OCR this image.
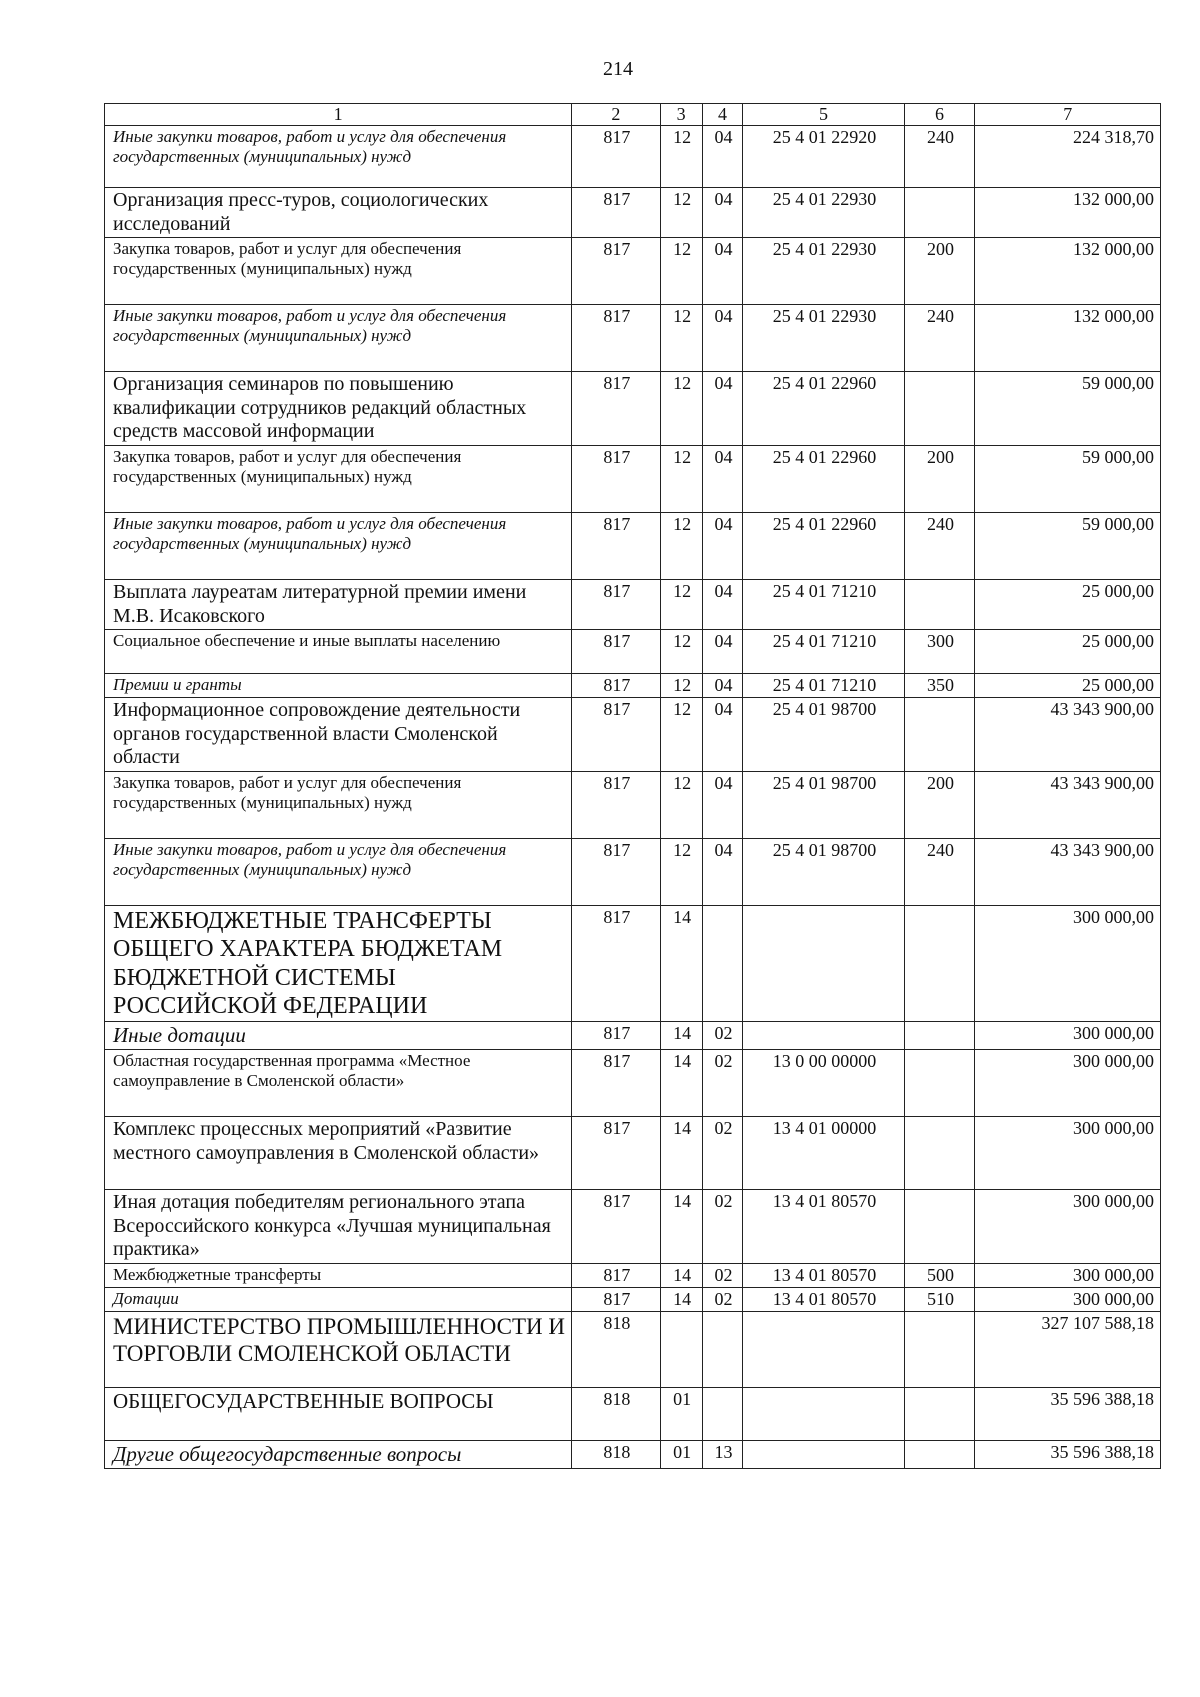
214
1	2	3	4	5	6	7
Иные закупки товаров, работ и услуг для обеспечения государственных (муниципальных) нужд	817	12	04	25 4 01 22920	240	224 318,70
Организация пресс-туров, социологических исследований	817	12	04	25 4 01 22930		132 000,00
Закупка товаров, работ и услуг для обеспечения государственных (муниципальных) нужд	817	12	04	25 4 01 22930	200	132 000,00
Иные закупки товаров, работ и услуг для обеспечения государственных (муниципальных) нужд	817	12	04	25 4 01 22930	240	132 000,00
Организация семинаров по повышению квалификации сотрудников редакций областных средств массовой информации	817	12	04	25 4 01 22960		59 000,00
Закупка товаров, работ и услуг для обеспечения государственных (муниципальных) нужд	817	12	04	25 4 01 22960	200	59 000,00
Иные закупки товаров, работ и услуг для обеспечения государственных (муниципальных) нужд	817	12	04	25 4 01 22960	240	59 000,00
Выплата лауреатам литературной премии имени М.В. Исаковского	817	12	04	25 4 01 71210		25 000,00
Социальное обеспечение и иные выплаты населению	817	12	04	25 4 01 71210	300	25 000,00
Премии и гранты	817	12	04	25 4 01 71210	350	25 000,00
Информационное сопровождение деятельности органов государственной власти Смоленской области	817	12	04	25 4 01 98700		43 343 900,00
Закупка товаров, работ и услуг для обеспечения государственных (муниципальных) нужд	817	12	04	25 4 01 98700	200	43 343 900,00
Иные закупки товаров, работ и услуг для обеспечения государственных (муниципальных) нужд	817	12	04	25 4 01 98700	240	43 343 900,00
МЕЖБЮДЖЕТНЫЕ ТРАНСФЕРТЫ ОБЩЕГО ХАРАКТЕРА БЮДЖЕТАМ БЮДЖЕТНОЙ СИСТЕМЫ РОССИЙСКОЙ ФЕДЕРАЦИИ	817	14				300 000,00
Иные дотации	817	14	02			300 000,00
Областная государственная программа «Местное самоуправление в Смоленской области»	817	14	02	13 0 00 00000		300 000,00
Комплекс процессных мероприятий «Развитие местного самоуправления в Смоленской области»	817	14	02	13 4 01 00000		300 000,00
Иная дотация победителям регионального этапа Всероссийского конкурса «Лучшая муниципальная практика»	817	14	02	13 4 01 80570		300 000,00
Межбюджетные трансферты	817	14	02	13 4 01 80570	500	300 000,00
Дотации	817	14	02	13 4 01 80570	510	300 000,00
МИНИСТЕРСТВО ПРОМЫШЛЕННОСТИ И ТОРГОВЛИ СМОЛЕНСКОЙ ОБЛАСТИ	818					327 107 588,18
ОБЩЕГОСУДАРСТВЕННЫЕ ВОПРОСЫ	818	01				35 596 388,18
Другие общегосударственные вопросы	818	01	13			35 596 388,18
